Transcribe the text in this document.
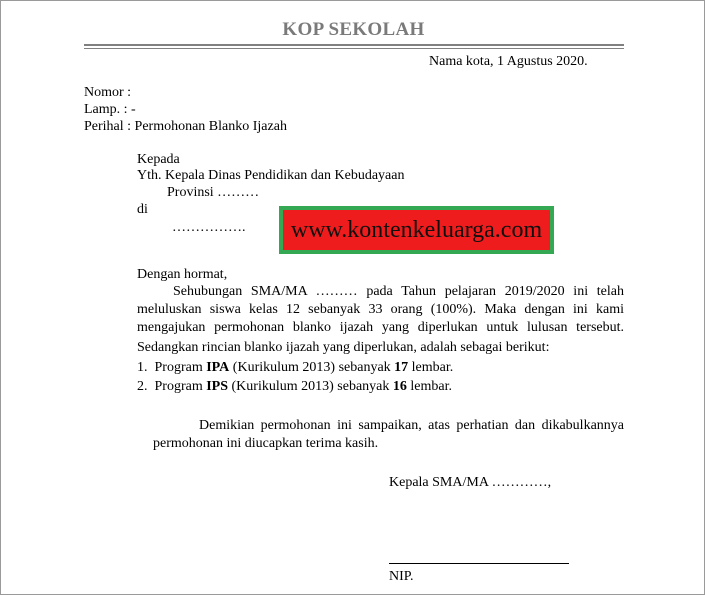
KOP SEKOLAH
Nama kota, 1 Agustus 2020.
Nomor :
Lamp. : -
Perihal : Permohonan Blanko Ijazah
Kepada
Yth. Kepala Dinas Pendidikan dan Kebudayaan
Provinsi ………
di
…………….	www.kontenkeluarga.com
Dengan hormat,
Sehubungan SMA/MA ……… pada Tahun pelajaran 2019/2020 ini telah
meluluskan siswa kelas 12 sebanyak 33 orang (100%). Maka dengan ini kami
mengajukan permohonan blanko ijazah yang diperlukan untuk lulusan tersebut.
Sedangkan rincian blanko ijazah yang diperlukan, adalah sebagai berikut:
1. Program IPA (Kurikulum 2013) sebanyak 17 lembar.
2. Program IPS (Kurikulum 2013) sebanyak 16 lembar.
Demikian permohonan ini sampaikan, atas perhatian dan dikabulkannya
permohonan ini diucapkan terima kasih.
Kepala SMA/MA …………,
NIP.
